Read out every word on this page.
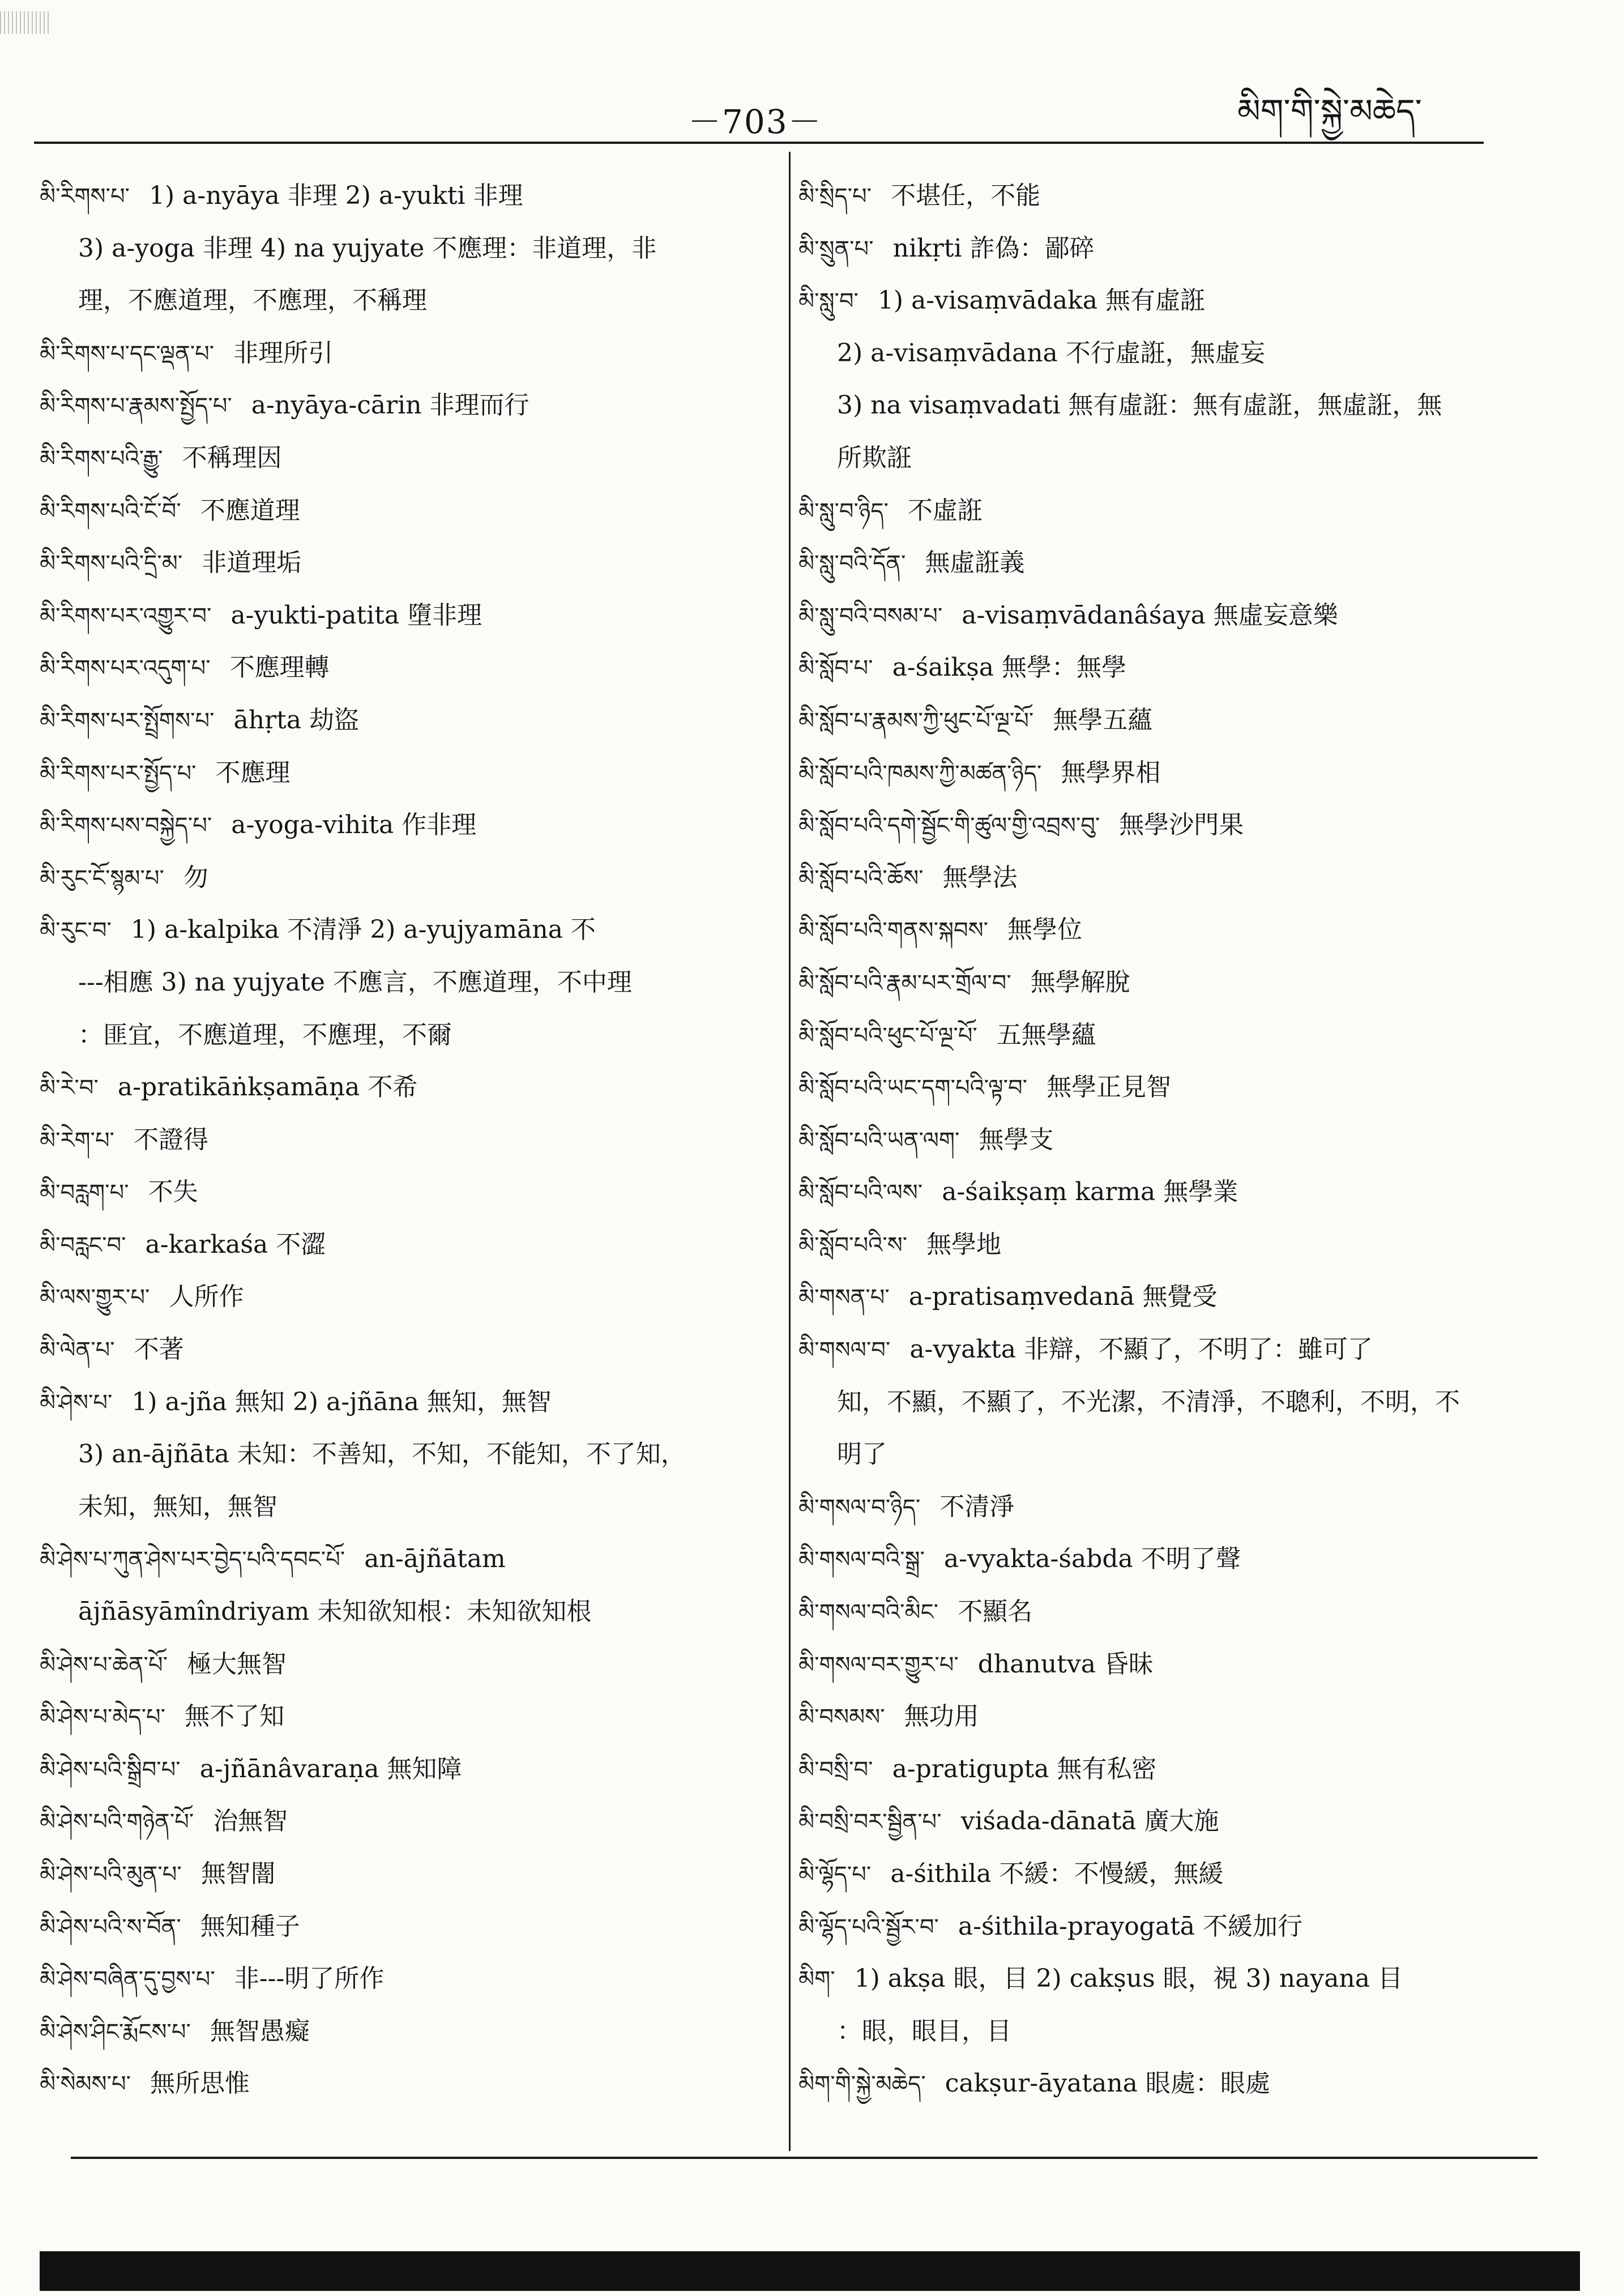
－703－	མིག་གི་སྐྱེ་མཆེད་
མི་རིགས་པ་ 1) a-nyāya 非理 2) a-yukti 非理
3) a-yoga 非理 4) na yujyate 不應理：非道理，非
理，不應道理，不應理，不稱理
མི་རིགས་པ་དང་ལྡན་པ་ 非理所引
མི་རིགས་པ་རྣམས་སྤྱོད་པ་ a-nyāya-cārin 非理而行
མི་རིགས་པའི་རྒྱུ་ 不稱理因
མི་རིགས་པའི་ངོ་བོ་ 不應道理
མི་རིགས་པའི་དྲི་མ་ 非道理垢
མི་རིགས་པར་འགྱུར་བ་ a-yukti-patita 墮非理
མི་རིགས་པར་འདུག་པ་ 不應理轉
མི་རིགས་པར་སྤྲོགས་པ་ āhṛta 劫盜
མི་རིགས་པར་སྤྱོད་པ་ 不應理
མི་རིགས་པས་བསྐྱེད་པ་ a-yoga-vihita 作非理
མི་རུང་ངོ་སྙམ་པ་ 勿
མི་རུང་བ་ 1) a-kalpika 不清淨 2) a-yujyamāna 不
---相應 3) na yujyate 不應言，不應道理，不中理
：匪宜，不應道理，不應理，不爾
མི་རེ་བ་ a-pratikāṅkṣamāṇa 不希
མི་རེག་པ་ 不證得
མི་བརླག་པ་ 不失
མི་བརླང་བ་ a-karkaśa 不澀
མི་ལས་གྱུར་པ་ 人所作
མི་ལེན་པ་ 不著
མི་ཤེས་པ་ 1) a-jña 無知 2) a-jñāna 無知，無智
3) an-ājñāta 未知：不善知，不知，不能知，不了知，
未知，無知，無智
མི་ཤེས་པ་ཀུན་ཤེས་པར་བྱེད་པའི་དབང་པོ་ an-ājñātam
ājñāsyāmîndriyam 未知欲知根：未知欲知根
མི་ཤེས་པ་ཆེན་པོ་ 極大無智
མི་ཤེས་པ་མེད་པ་ 無不了知
མི་ཤེས་པའི་སྒྲིབ་པ་ a-jñānâvaraṇa 無知障
མི་ཤེས་པའི་གཉེན་པོ་ 治無智
མི་ཤེས་པའི་མུན་པ་ 無智闇
མི་ཤེས་པའི་ས་བོན་ 無知種子
མི་ཤེས་བཞིན་དུ་བྱས་པ་ 非---明了所作
མི་ཤེས་ཤིང་རྨོངས་པ་ 無智愚癡
མི་སེམས་པ་ 無所思惟
མི་སྲིད་པ་ 不堪任，不能
མི་སྲུན་པ་ nikṛti 詐偽：鄙碎
མི་སླུ་བ་ 1) a-visaṃvādaka 無有虛誑
2) a-visaṃvādana 不行虛誑，無虛妄
3) na visaṃvadati 無有虛誑：無有虛誑，無虛誑，無
所欺誑
མི་སླུ་བ་ཉིད་ 不虛誑
མི་སླུ་བའི་དོན་ 無虛誑義
མི་སླུ་བའི་བསམ་པ་ a-visaṃvādanâśaya 無虛妄意樂
མི་སློབ་པ་ a-śaikṣa 無學：無學
མི་སློབ་པ་རྣམས་ཀྱི་ཕུང་པོ་ལྔ་པོ་ 無學五蘊
མི་སློབ་པའི་ཁམས་ཀྱི་མཚན་ཉིད་ 無學界相
མི་སློབ་པའི་དགེ་སྦྱོང་གི་ཚུལ་གྱི་འབྲས་བུ་ 無學沙門果
མི་སློབ་པའི་ཆོས་ 無學法
མི་སློབ་པའི་གནས་སྐབས་ 無學位
མི་སློབ་པའི་རྣམ་པར་གྲོལ་བ་ 無學解脫
མི་སློབ་པའི་ཕུང་པོ་ལྔ་པོ་ 五無學蘊
མི་སློབ་པའི་ཡང་དག་པའི་ལྟ་བ་ 無學正見智
མི་སློབ་པའི་ཡན་ལག་ 無學支
མི་སློབ་པའི་ལས་ a-śaikṣaṃ karma 無學業
མི་སློབ་པའི་ས་ 無學地
མི་གསན་པ་ a-pratisaṃvedanā 無覺受
མི་གསལ་བ་ a-vyakta 非辯，不顯了，不明了：雖可了
知，不顯，不顯了，不光潔，不清淨，不聰利，不明，不
明了
མི་གསལ་བ་ཉིད་ 不清淨
མི་གསལ་བའི་སྒྲ་ a-vyakta-śabda 不明了聲
མི་གསལ་བའི་མིང་ 不顯名
མི་གསལ་བར་གྱུར་པ་ dhanutva 昏昧
མི་བསམས་ 無功用
མི་བསྲི་བ་ a-pratigupta 無有私密
མི་བསྲི་བར་སྦྱིན་པ་ viśada-dānatā 廣大施
མི་ལྷོད་པ་ a-śithila 不緩：不慢緩，無緩
མི་ལྷོད་པའི་སྦྱོར་བ་ a-śithila-prayogatā 不緩加行
མིག་ 1) akṣa 眼，目 2) cakṣus 眼，視 3) nayana 目
：眼，眼目，目
མིག་གི་སྐྱེ་མཆེད་ cakṣur-āyatana 眼處：眼處
